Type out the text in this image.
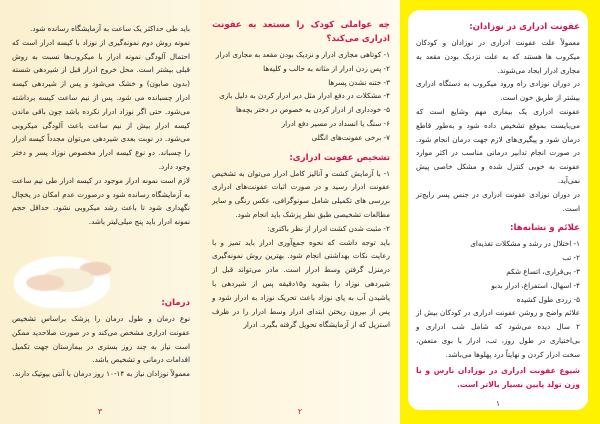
باید طی حداکثر یک ساعت به آزمایشگاه رسانده شود.

نمونه روش دوم نمونه‌گیری از نوزاد با کیسه ادرار است که احتمال آلودگی نمونه ادرار با میکروب‌ها نسبت به روش قبلی بیشتر است. محل خروج ادرار قبل از شیردهی شسته (بدون صابون) و خشک می‌شود و پس از شیردهی کیسه ادرار چسبانده می شود. پس از نیم ساعت کیسه برداشته می‌شود. حتی اگر نوزاد ادرار نکرده باشد چون باقی ماندن کیسه ادرار بیش از نیم ساعت باعث آلودگی میکروبی می‌شود. در نوبت بعدی شیردهی می‌توان مجدداً کیسه ادرار را چسباند. دو نوع کیسه ادرار مخصوص نوزاد پسر و دختر وجود دارد.

لازم است نمونه ادرار موجود در کیسه ادرار طی نیم ساعت به آزمایشگاه رسانده شود و درصورت عدم امکان در یخچال نگهداری شود تا باعث رشد میکروبی نشود. حداقل حجم نمونه ادرار باید پنج میلی‌لیتر باشد.

درمان:

نوع درمان و طول درمان را پزشک براساس تشخیص عفونت ادراری مشخص می‌کند و در صورت صلاحدید ممکن است نیاز به چند روز بستری در بیمارستان جهت تکمیل اقدامات درمانی و تشخیص باشد.

معمولاً نوزادان نیاز به ۱۴-۱۰ روز درمان با آنتی بیوتیک دارند.

۳
چه عواملی کودک را مستعد به عفونت ادراری می‌کند؟
۱- کوتاهی مجاری ادرار و نزدیک بودن مقعد به مجاری ادرار
۲- پس زدن ادرار از مثانه به حالب و کلیه‌ها
۳- ختنه نشدن پسرها
۴- مشکلات در دفع ادرار مثل دیر ادرار کردن به دلیل بازی
۵- خودداری از ادرار کردن به خصوص در دختر بچه‌ها
۶- سنگ یا انسداد در مسیر دفع ادرار
۷- برخی عفونت‌های انگلی
تشخیص عفونت ادراری:

۱- با آزمایش کشت و آنالیز کامل ادرار می‌توان به تشخیص عفونت ادرار رسید و در صورت اثبات عفونت‌های ادراری بررسی های تکمیلی شامل سونوگرافی، عکس رنگی و سایر مطالعات تشخیصی طبق نظر پزشک باید انجام شود.

۲- مثبت شدن کشت ادرار از نظر باکتری:

باید توجه داشت که نحوه جمع‌آوری ادرار باید تمیز و با رعایت نکات بهداشتی انجام شود. بهترین روش نمونه‌گیری درمنزل گرفتن وسط ادرار است. مادر می‌تواند قبل از شیردهی نوزاد را بشوید و۱۵دقیقه پس از شیردهی با پاشیدن آب به پای نوزاد باعث تحریک نوزاد به ادرار شود و پس از بیرون ریختن ابتدای ادرار وسط ادرار را در ظرف استریل که از آزمایشگاه تحویل گرفته بگیرد. ادرار

۲
عفونت ادراری در نوزادان:

معمولاً علت عفونت ادراری در نوزادان و کودکان میکروب ها هستند که به علت نزدیک بودن مقعد به مجاری ادرار ایجاد می‌شوند.

در دوران نوزادی راه ورود میکروب به دستگاه ادراری بیشتر از طریق خون است.

عفونت ادراری یک بیماری مهم وشایع است که می‌بایست بموقع تشخیص داده شود و به‌طور قاطع درمان شود و پیگیری‌های لازم جهت درمان انجام شود. در صورت انجام تدابیر درمانی مناسب در اکثر موارد عفونت به خوبی کنترل شده و مشکل خاصی پیش نمی‌آید.

در دوران نوزادی عفونت ادراری در جنس پسر رایج‌تر است.

علائم و نشانه‌ها:
۱- اختلال در رشد و مشکلات تغذیه‌ای
۲- تب
۳- بی‌قراری، اتساع شکم
۴- اسهال، استفراغ، ادرار بدبو
۵- زردی طول کشیده

علائم واضح و روشن عفونت ادراری در کودکان بیش از ۲ سال دیده می‌شود که شامل شب ادراری و بی‌اختیاری در طول روز، تب، ادرار با بوی متعفن، سخت ادرار کردن و نهایتاً درد پهلوها می‌باشد.

شیوع عفونت ادراری در نوزادان نارس و با وزن تولد پایین بسیار بالاتر است.

۱
